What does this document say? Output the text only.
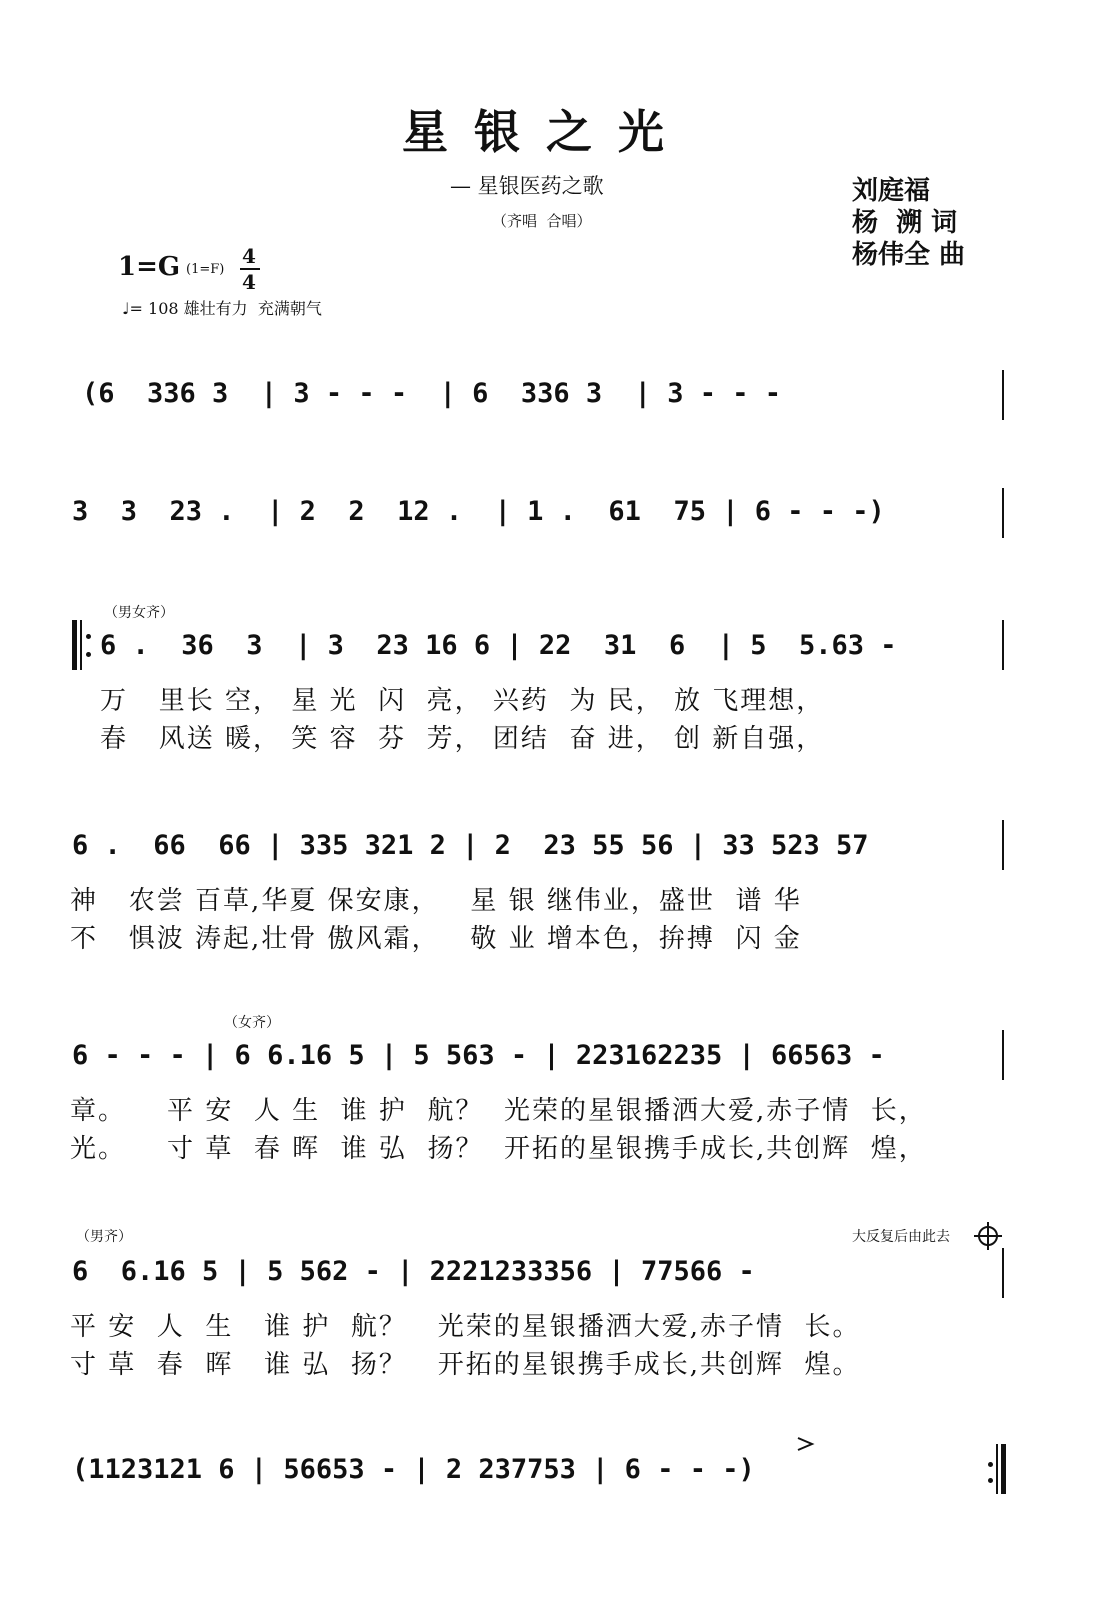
星银之光
— 星银医药之歌
（齐唱  合唱）
刘庭福
杨  溯 词
杨伟全 曲
1=G (1=F)
4
4
♩= 108 雄壮有力  充满朝气
(6  336 3  | 3 - - -  | 6  336 3  | 3 - - -
3  3  23 .  | 2  2  12 .  | 1 .  61  75 | 6 - - -)
（男女齐）
6 .  36  3  | 3  23 16 6 | 22  31  6  | 5  5.63 -
万   里长 空， 星 光  闪  亮， 兴药  为 民， 放 飞理想，
春   风送 暖， 笑 容  芬  芳， 团结  奋 进， 创 新自强，
6 .  66  66 | 335 321 2 | 2  23 55 56 | 33 523 57
神   农尝 百草,华夏 保安康，   星 银 继伟业，盛世  谱 华
不   惧波 涛起,壮骨 傲风霜，   敬 业 增本色，拚搏  闪 金
（女齐）
6 - - - | 6 6.16 5 | 5 563 - | 223162235 | 66563 -
章。    平 安  人 生  谁 护  航？  光荣的星银播洒大爱,赤子情  长，
光。    寸 草  春 晖  谁 弘  扬？  开拓的星银携手成长,共创辉  煌，
（男齐）	大反复后由此去
6  6.16 5 | 5 562 - | 2221233356 | 77566 -
平 安  人  生   谁 护  航？   光荣的星银播洒大爱,赤子情  长。
寸 草  春  晖   谁 弘  扬？   开拓的星银携手成长,共创辉  煌。
(1123121 6 | 56653 - | 2 237753 | 6 - - -)
